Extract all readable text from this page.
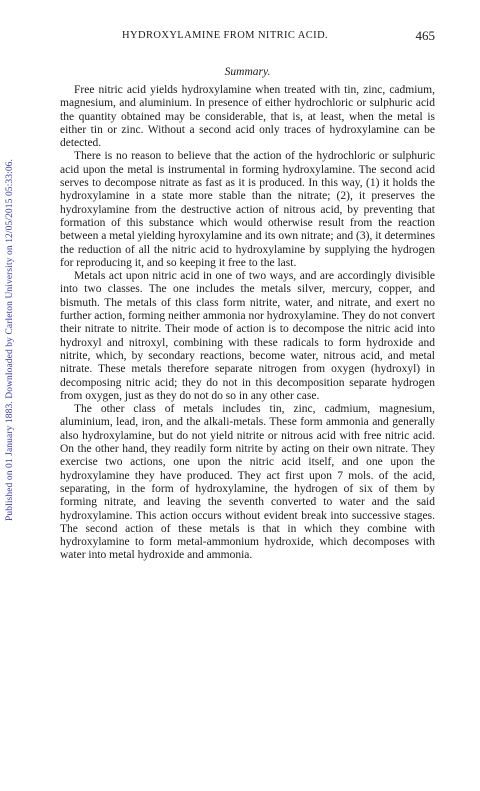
Published on 01 January 1883. Downloaded by Carleton University on 12/05/2015 05:33:06.
HYDROXYLAMINE FROM NITRIC ACID.	465
Summary.

Free nitric acid yields hydroxylamine when treated with tin, zinc, cadmium, magnesium, and aluminium. In presence of either hydrochloric or sulphuric acid the quantity obtained may be considerable, that is, at least, when the metal is either tin or zinc. Without a second acid only traces of hydroxylamine can be detected.

There is no reason to believe that the action of the hydrochloric or sulphuric acid upon the metal is instrumental in forming hydroxylamine. The second acid serves to decompose nitrate as fast as it is produced. In this way, (1) it holds the hydroxylamine in a state more stable than the nitrate; (2), it preserves the hydroxylamine from the destructive action of nitrous acid, by preventing that formation of this substance which would otherwise result from the reaction between a metal yielding hyroxylamine and its own nitrate; and (3), it determines the reduction of all the nitric acid to hydroxylamine by supplying the hydrogen for reproducing it, and so keeping it free to the last.

Metals act upon nitric acid in one of two ways, and are accordingly divisible into two classes. The one includes the metals silver, mercury, copper, and bismuth. The metals of this class form nitrite, water, and nitrate, and exert no further action, forming neither ammonia nor hydroxylamine. They do not convert their nitrate to nitrite. Their mode of action is to decompose the nitric acid into hydroxyl and nitroxyl, combining with these radicals to form hydroxide and nitrite, which, by secondary reactions, become water, nitrous acid, and metal nitrate. These metals therefore separate nitrogen from oxygen (hydroxyl) in decomposing nitric acid; they do not in this decomposition separate hydrogen from oxygen, just as they do not do so in any other case.

The other class of metals includes tin, zinc, cadmium, magnesium, aluminium, lead, iron, and the alkali-metals. These form ammonia and generally also hydroxylamine, but do not yield nitrite or nitrous acid with free nitric acid. On the other hand, they readily form nitrite by acting on their own nitrate. They exercise two actions, one upon the nitric acid itself, and one upon the hydroxylamine they have produced. They act first upon 7 mols. of the acid, separating, in the form of hydroxylamine, the hydrogen of six of them by forming nitrate, and leaving the seventh converted to water and the said hydroxylamine. This action occurs without evident break into successive stages. The second action of these metals is that in which they combine with hydroxylamine to form metal-ammonium hydroxide, which decomposes with water into metal hydroxide and ammonia.
